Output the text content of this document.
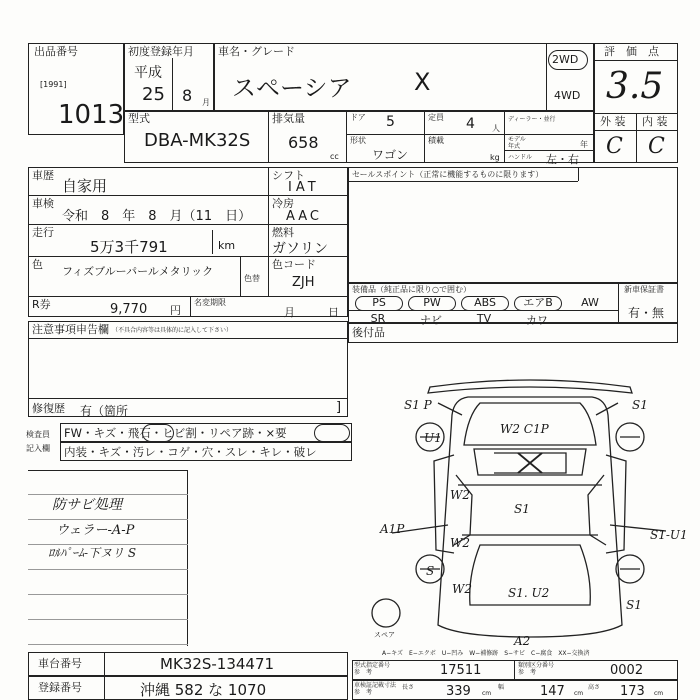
出品番号
[1991]
1013
初度登録年月
平成
25 8 月
車名・グレード
スペーシア	X
2WD
4WD
評　価　点
3.5
外 装 内 装
C C
型式
DBA-MK32S
排気量
658
cc
ドア 5	定員 4 人
ディーラー・並行
モデル
年式	年
形状
ワゴン
積載
kg ハンドル 左・右
車歴
自家用
シフト
IAT
車検
令和　8　年　8　月（11　日）
冷房
AAC
走行
5万3千791	km
燃料
ガソリン
色
フィズブルーパールメタリック
色替
色コード
ZJH
R券	9,770 円
名変期限
月　　　日
セールスポイント（正常に機能するものに限ります）
装備品（純正品に限り○で囲む）	新車保証書
有・無
PS	PW	ABS	エアB	AW
SR	ナビ	TV	カワ
注意事項申告欄 （不具合内容等は具体的に記入して下さい）
修復歴 有（箇所	]
後付品
検査員
記入欄
FW・キズ・飛石・ヒビ割・リペア跡・×要
内装・キズ・汚レ・コゲ・穴・スレ・キレ・破レ
防サビ処理
ウェラー-A-P
ﾛﾙﾊﾟｰﾑ-下ヌリ S
S1 P	S1
W2 C1P
W2
S1
A1P
W2
S1-U1
W2	S1. U2
S1
A2
U1
S
スペア
A−キズ　E−エクボ　U−凹み　W−補修跡　S−サビ　C−腐食　XX−交換済
車台番号	MK32S-134471
登録番号	沖縄 582 な 1070
型式指定番号
参　考	17511	類別区分番号
参　考	0002
車検証記載寸法
参　考
長さ 339 cm
幅	147 cm
高さ 173 cm
